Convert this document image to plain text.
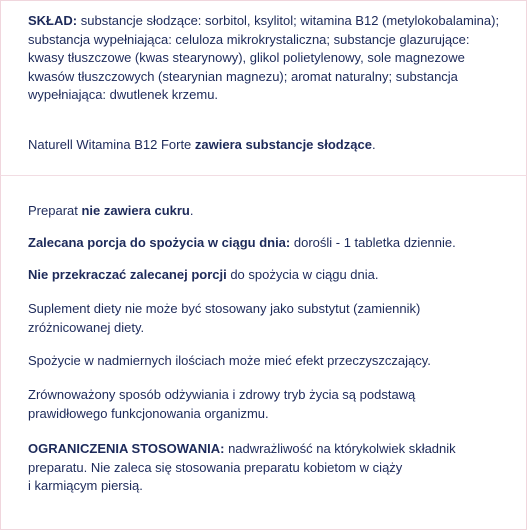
SKŁAD: substancje słodzące: sorbitol, ksylitol; witamina B12 (metylokobalamina); substancja wypełniająca: celuloza mikrokrystaliczna; substancje glazurujące: kwasy tłuszczowe (kwas stearynowy), glikol polietylenowy, sole magnezowe kwasów tłuszczowych (stearynian magnezu); aromat naturalny; substancja wypełniająca: dwutlenek krzemu.

Naturell Witamina B12 Forte zawiera substancje słodzące.

Preparat nie zawiera cukru.

Zalecana porcja do spożycia w ciągu dnia: dorośli - 1 tabletka dziennie.

Nie przekraczać zalecanej porcji do spożycia w ciągu dnia.

Suplement diety nie może być stosowany jako substytut (zamiennik)
zróżnicowanej diety.

Spożycie w nadmiernych ilościach może mieć efekt przeczyszczający.

Zrównoważony sposób odżywiania i zdrowy tryb życia są podstawą
prawidłowego funkcjonowania organizmu.

OGRANICZENIA STOSOWANIA: nadwrażliwość na którykolwiek składnik
preparatu. Nie zaleca się stosowania preparatu kobietom w ciąży
i karmiącym piersią.
